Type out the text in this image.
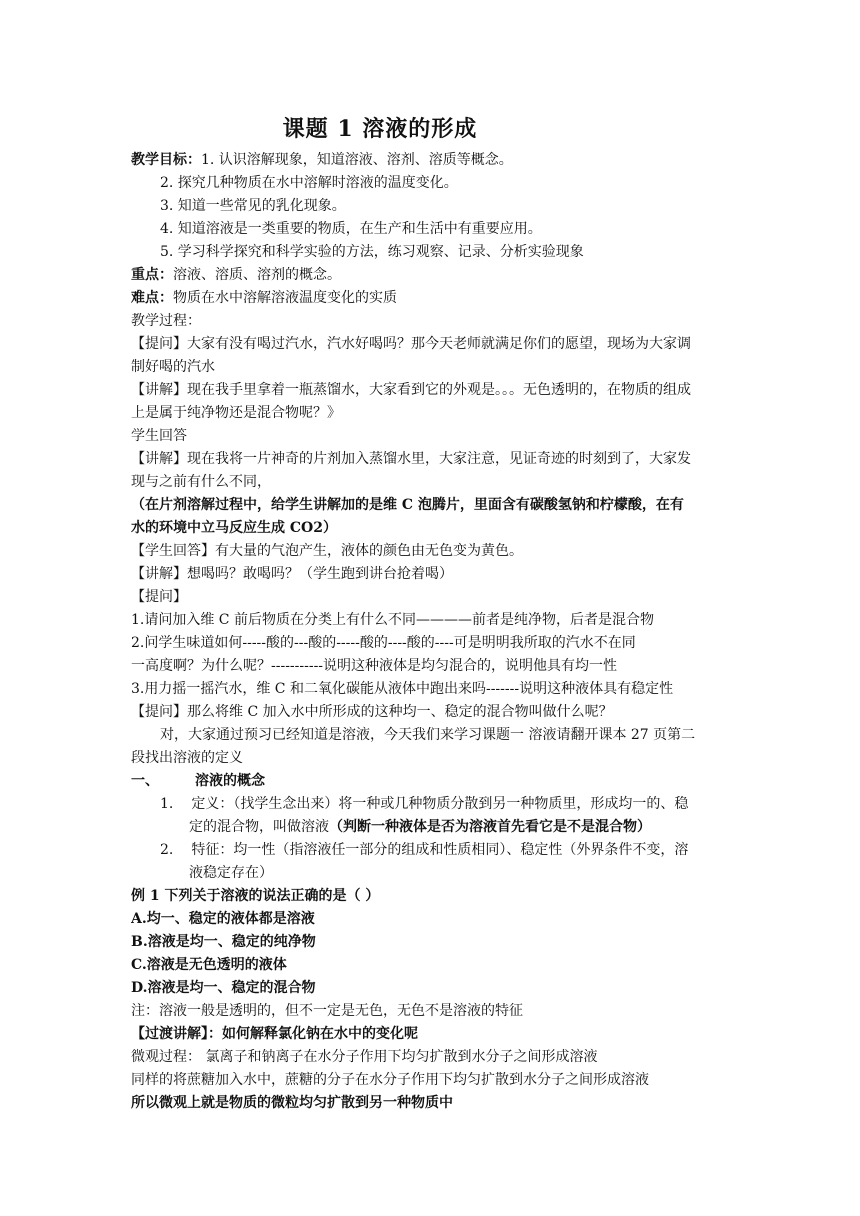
课题 1 溶液的形成
教学目标：1. 认识溶解现象，知道溶液、溶剂、溶质等概念。
2. 探究几种物质在水中溶解时溶液的温度变化。
3. 知道一些常见的乳化现象。
4. 知道溶液是一类重要的物质，在生产和生活中有重要应用。
5. 学习科学探究和科学实验的方法，练习观察、记录、分析实验现象
重点：溶液、溶质、溶剂的概念。
难点：物质在水中溶解溶液温度变化的实质
教学过程：
【提问】大家有没有喝过汽水，汽水好喝吗？那今天老师就满足你们的愿望，现场为大家调
制好喝的汽水
【讲解】现在我手里拿着一瓶蒸馏水，大家看到它的外观是。。。无色透明的，在物质的组成
上是属于纯净物还是混合物呢？》
学生回答
【讲解】现在我将一片神奇的片剂加入蒸馏水里，大家注意，见证奇迹的时刻到了，大家发
现与之前有什么不同，
（在片剂溶解过程中，给学生讲解加的是维 C 泡腾片，里面含有碳酸氢钠和柠檬酸，在有
水的环境中立马反应生成 CO2）
【学生回答】有大量的气泡产生，液体的颜色由无色变为黄色。
【讲解】想喝吗？敢喝吗？（学生跑到讲台抢着喝）
【提问】
1.请问加入维 C 前后物质在分类上有什么不同————前者是纯净物，后者是混合物
2.问学生味道如何-----酸的---酸的-----酸的----酸的----可是明明我所取的汽水不在同
一高度啊？为什么呢？-----------说明这种液体是均匀混合的，说明他具有均一性
3.用力摇一摇汽水，维 C 和二氧化碳能从液体中跑出来吗-------说明这种液体具有稳定性
【提问】那么将维 C 加入水中所形成的这种均一、稳定的混合物叫做什么呢？
对，大家通过预习已经知道是溶液，今天我们来学习课题一 溶液请翻开课本 27 页第二
段找出溶液的定义
一、	溶液的概念
1. 定义：（找学生念出来）将一种或几种物质分散到另一种物质里，形成均一的、稳
定的混合物，叫做溶液（判断一种液体是否为溶液首先看它是不是混合物）
2. 特征：均一性（指溶液任一部分的组成和性质相同）、稳定性（外界条件不变，溶
液稳定存在）
例 1 下列关于溶液的说法正确的是（ ）
A.均一、稳定的液体都是溶液
B.溶液是均一、稳定的纯净物
C.溶液是无色透明的液体
D.溶液是均一、稳定的混合物
注：溶液一般是透明的，但不一定是无色，无色不是溶液的特征
【过渡讲解】：如何解释氯化钠在水中的变化呢
微观过程： 氯离子和钠离子在水分子作用下均匀扩散到水分子之间形成溶液
同样的将蔗糖加入水中，蔗糖的分子在水分子作用下均匀扩散到水分子之间形成溶液
所以微观上就是物质的微粒均匀扩散到另一种物质中
